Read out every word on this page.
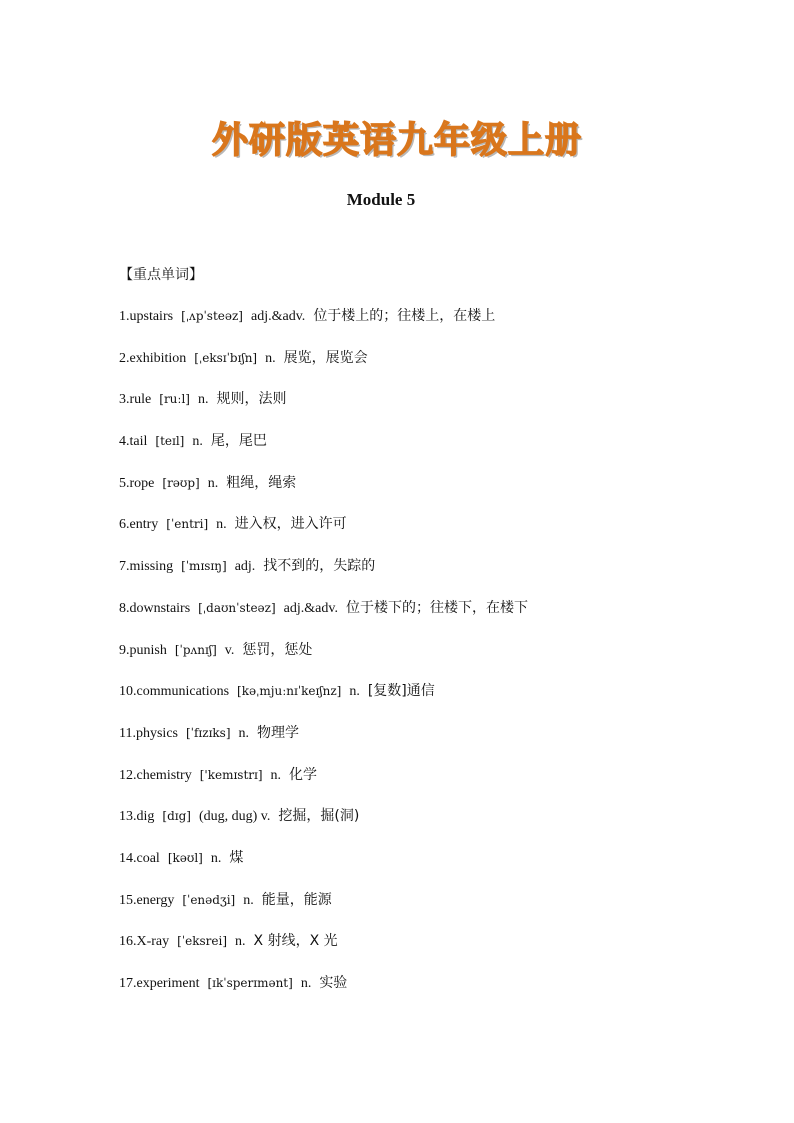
外研版英语九年级上册
Module 5
【重点单词】
1.upstairs [ˌʌpˈsteəz] adj.&adv. 位于楼上的；往楼上，在楼上
2.exhibition [ˌeksɪˈbɪʃn] n. 展览，展览会
3.rule [ruːl] n. 规则，法则
4.tail [teɪl] n. 尾，尾巴
5.rope [rəʊp] n. 粗绳，绳索
6.entry [ˈentri] n. 进入权，进入许可
7.missing [ˈmɪsɪŋ] adj. 找不到的，失踪的
8.downstairs [ˌdaʊnˈsteəz] adj.&adv. 位于楼下的；往楼下，在楼下
9.punish [ˈpʌnɪʃ] v. 惩罚，惩处
10.communications [kəˌmjuːnɪˈkeɪʃnz] n. [复数]通信
11.physics [ˈfɪzɪks] n. 物理学
12.chemistry ['kemɪstrɪ] n. 化学
13.dig [dɪg] (dug, dug) v. 挖掘，掘(洞)
14.coal [kəʊl] n. 煤
15.energy [ˈenədʒi] n. 能量，能源
16.X-ray [ˈeksrei] n. X 射线，X 光
17.experiment [ɪkˈsperɪmənt] n. 实验
